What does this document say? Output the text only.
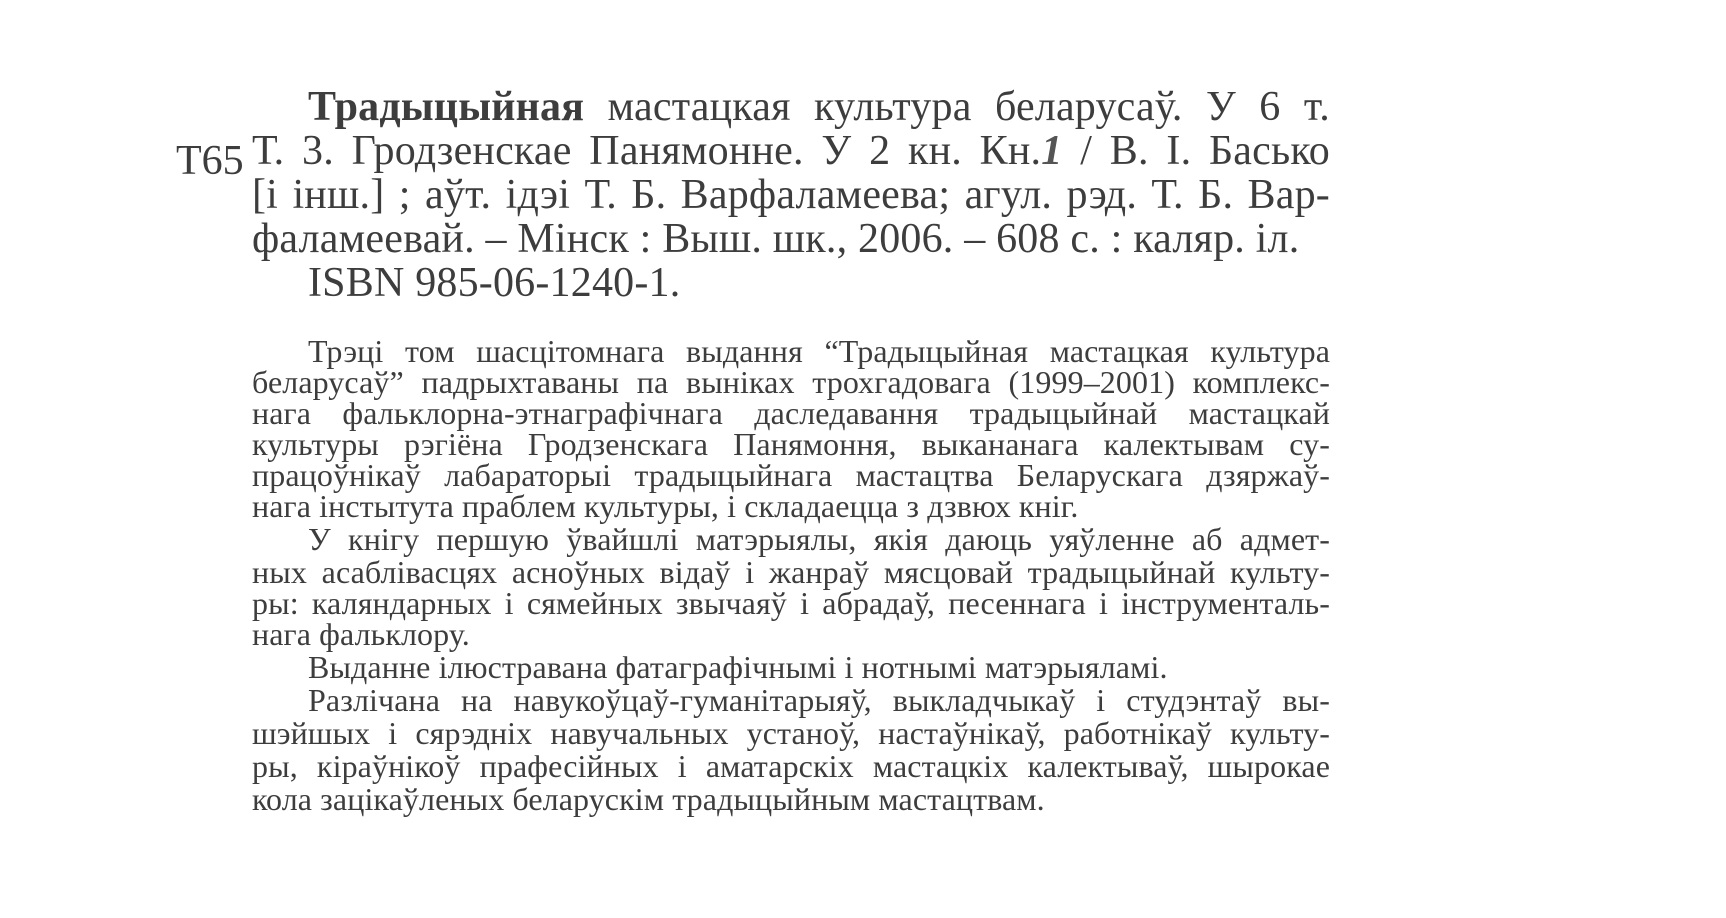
Т65
Традыцыйная мастацкая культура беларусаў. У 6 т.
Т. 3. Гродзенскае Панямонне. У 2 кн. Кн.1 / В. І. Басько
[і інш.] ; аўт. ідэі Т. Б. Варфаламеева; агул. рэд. Т. Б. Вар-
фаламеевай. – Мінск : Выш. шк., 2006. – 608 с. : каляр. іл.
ISBN 985-06-1240-1.
Трэці том шасцітомнага выдання “Традыцыйная мастацкая культура
беларусаў” падрыхтаваны па выніках трохгадовага (1999–2001) комплекс-
нага фальклорна-этнаграфічнага даследавання традыцыйнай мастацкай
культуры рэгіёна Гродзенскага Панямоння, выкананага калектывам су-
працоўнікаў лабараторыі традыцыйнага мастацтва Беларускага дзяржаў-
нага інстытута праблем культуры, і складаецца з дзвюх кніг.
У кнігу першую ўвайшлі матэрыялы, якія даюць уяўленне аб адмет-
ных асаблівасцях асноўных відаў і жанраў мясцовай традыцыйнай культу-
ры: каляндарных і сямейных звычаяў і абрадаў, песеннага і інструменталь-
нага фальклору.
Выданне ілюстравана фатаграфічнымі і нотнымі матэрыяламі.
Разлічана на навукоўцаў-гуманітарыяў, выкладчыкаў і студэнтаў вы-
шэйшых і сярэдніх навучальных устаноў, настаўнікаў, работнікаў культу-
ры, кіраўнікоў прафесійных і аматарскіх мастацкіх калектываў, шырокае
кола зацікаўленых беларускім традыцыйным мастацтвам.
